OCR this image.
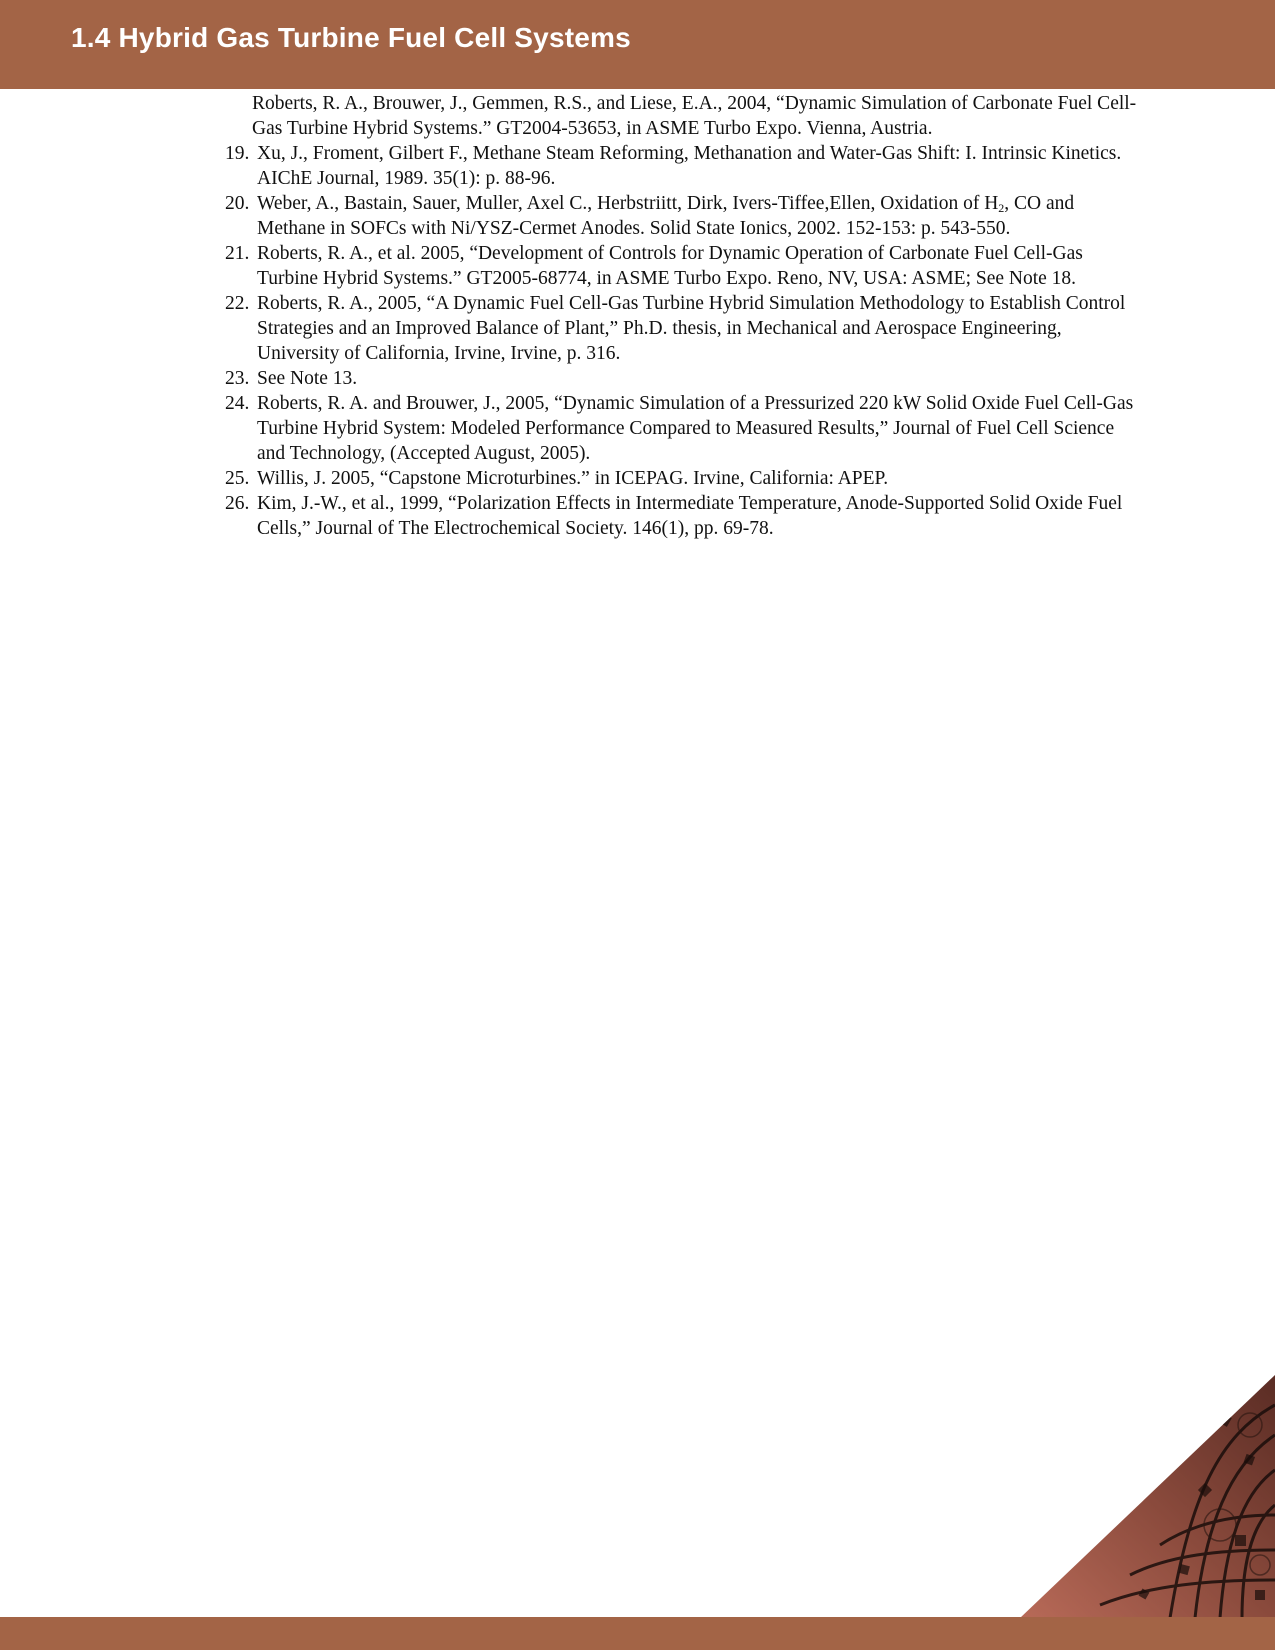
1.4 Hybrid Gas Turbine Fuel Cell Systems
Roberts, R. A., Brouwer, J., Gemmen, R.S., and Liese, E.A., 2004, “Dynamic Simulation of Carbonate Fuel Cell-
Gas Turbine Hybrid Systems.” GT2004-53653, in ASME Turbo Expo. Vienna, Austria.
19. Xu, J., Froment, Gilbert F., Methane Steam Reforming, Methanation and Water-Gas Shift: I. Intrinsic Kinetics.
AIChE Journal, 1989. 35(1): p. 88-96.
20. Weber, A., Bastain, Sauer, Muller, Axel C., Herbstriitt, Dirk, Ivers-Tiffee,Ellen, Oxidation of $H_2$, CO and
Methane in SOFCs with Ni/YSZ-Cermet Anodes. Solid State Ionics, 2002. 152-153: p. 543-550.
21. Roberts, R. A., et al. 2005, “Development of Controls for Dynamic Operation of Carbonate Fuel Cell-Gas
Turbine Hybrid Systems.” GT2005-68774, in ASME Turbo Expo. Reno, NV, USA: ASME; See Note 18.
22. Roberts, R. A., 2005, “A Dynamic Fuel Cell-Gas Turbine Hybrid Simulation Methodology to Establish Control
Strategies and an Improved Balance of Plant,” Ph.D. thesis, in Mechanical and Aerospace Engineering,
University of California, Irvine, Irvine, p. 316.
23. See Note 13.
24. Roberts, R. A. and Brouwer, J., 2005, “Dynamic Simulation of a Pressurized 220 kW Solid Oxide Fuel Cell-Gas
Turbine Hybrid System: Modeled Performance Compared to Measured Results,” Journal of Fuel Cell Science
and Technology, (Accepted August, 2005).
25. Willis, J. 2005, “Capstone Microturbines.” in ICEPAG. Irvine, California: APEP.
26. Kim, J.-W., et al., 1999, “Polarization Effects in Intermediate Temperature, Anode-Supported Solid Oxide Fuel
Cells,” Journal of The Electrochemical Society. 146(1), pp. 69-78.
